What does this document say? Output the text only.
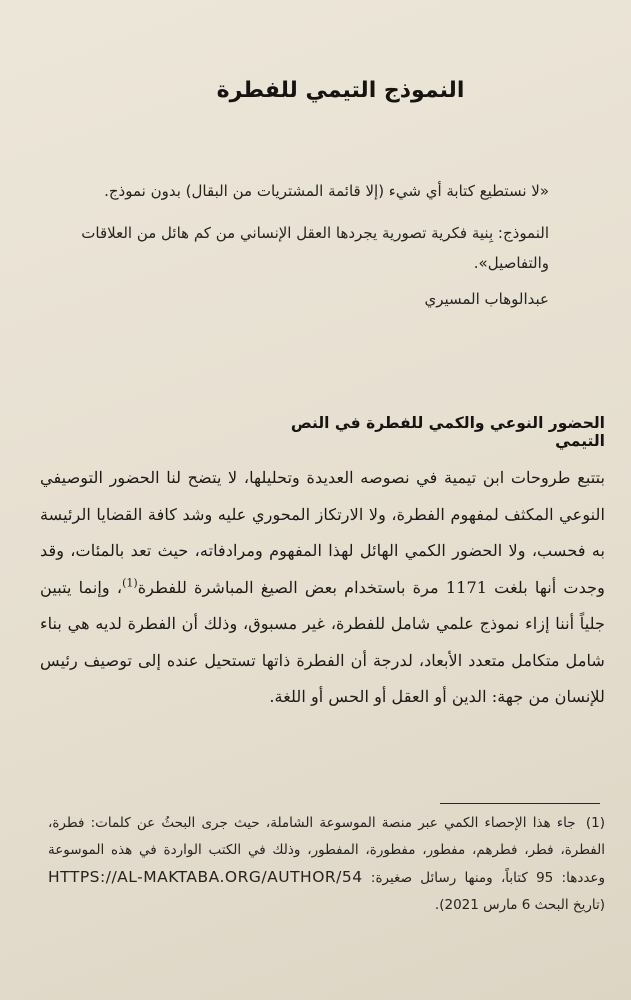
النموذج التيمي للفطرة

«لا نستطيع كتابة أي شيء (إلا قائمة المشتريات من البقال) بدون نموذج.

النموذج: بِنية فكرية تصورية يجردها العقل الإنساني من كم هائل من العلاقات والتفاصيل».

عبدالوهاب المسيري

الحضور النوعي والكمي للفطرة في النص التيمي

بتتبع طروحات ابن تيمية في نصوصه العديدة وتحليلها، لا يتضح لنا الحضور التوصيفي النوعي المكثف لمفهوم الفطرة، ولا الارتكاز المحوري عليه وشد كافة القضايا الرئيسة به فحسب، ولا الحضور الكمي الهائل لهذا المفهوم ومرادفاته، حيث تعد بالمئات، وقد وجدت أنها بلغت 1171 مرة باستخدام بعض الصيغ المباشرة للفطرة$^{(1)}$، وإنما يتبين جلياً أننا إزاء نموذج علمي شامل للفطرة، غير مسبوق، وذلك أن الفطرة لديه هي بناء شامل متكامل متعدد الأبعاد، لدرجة أن الفطرة ذاتها تستحيل عنده إلى توصيف رئيس للإنسان من جهة: الدين أو العقل أو الحس أو اللغة.

(1) جاء هذا الإحصاء الكمي عبر منصة الموسوعة الشاملة، حيث جرى البحثُ عن كلمات: فطرة، الفطرة، فطر، فطرهم، مفطور، مفطورة، المفطور، وذلك في الكتب الواردة في هذه الموسوعة وعددها: 95 كتاباً، ومنها رسائل صغيرة: HTTPS://AL-MAKTABA.ORG/AUTHOR/54 (تاريخ البحث 6 مارس 2021).
